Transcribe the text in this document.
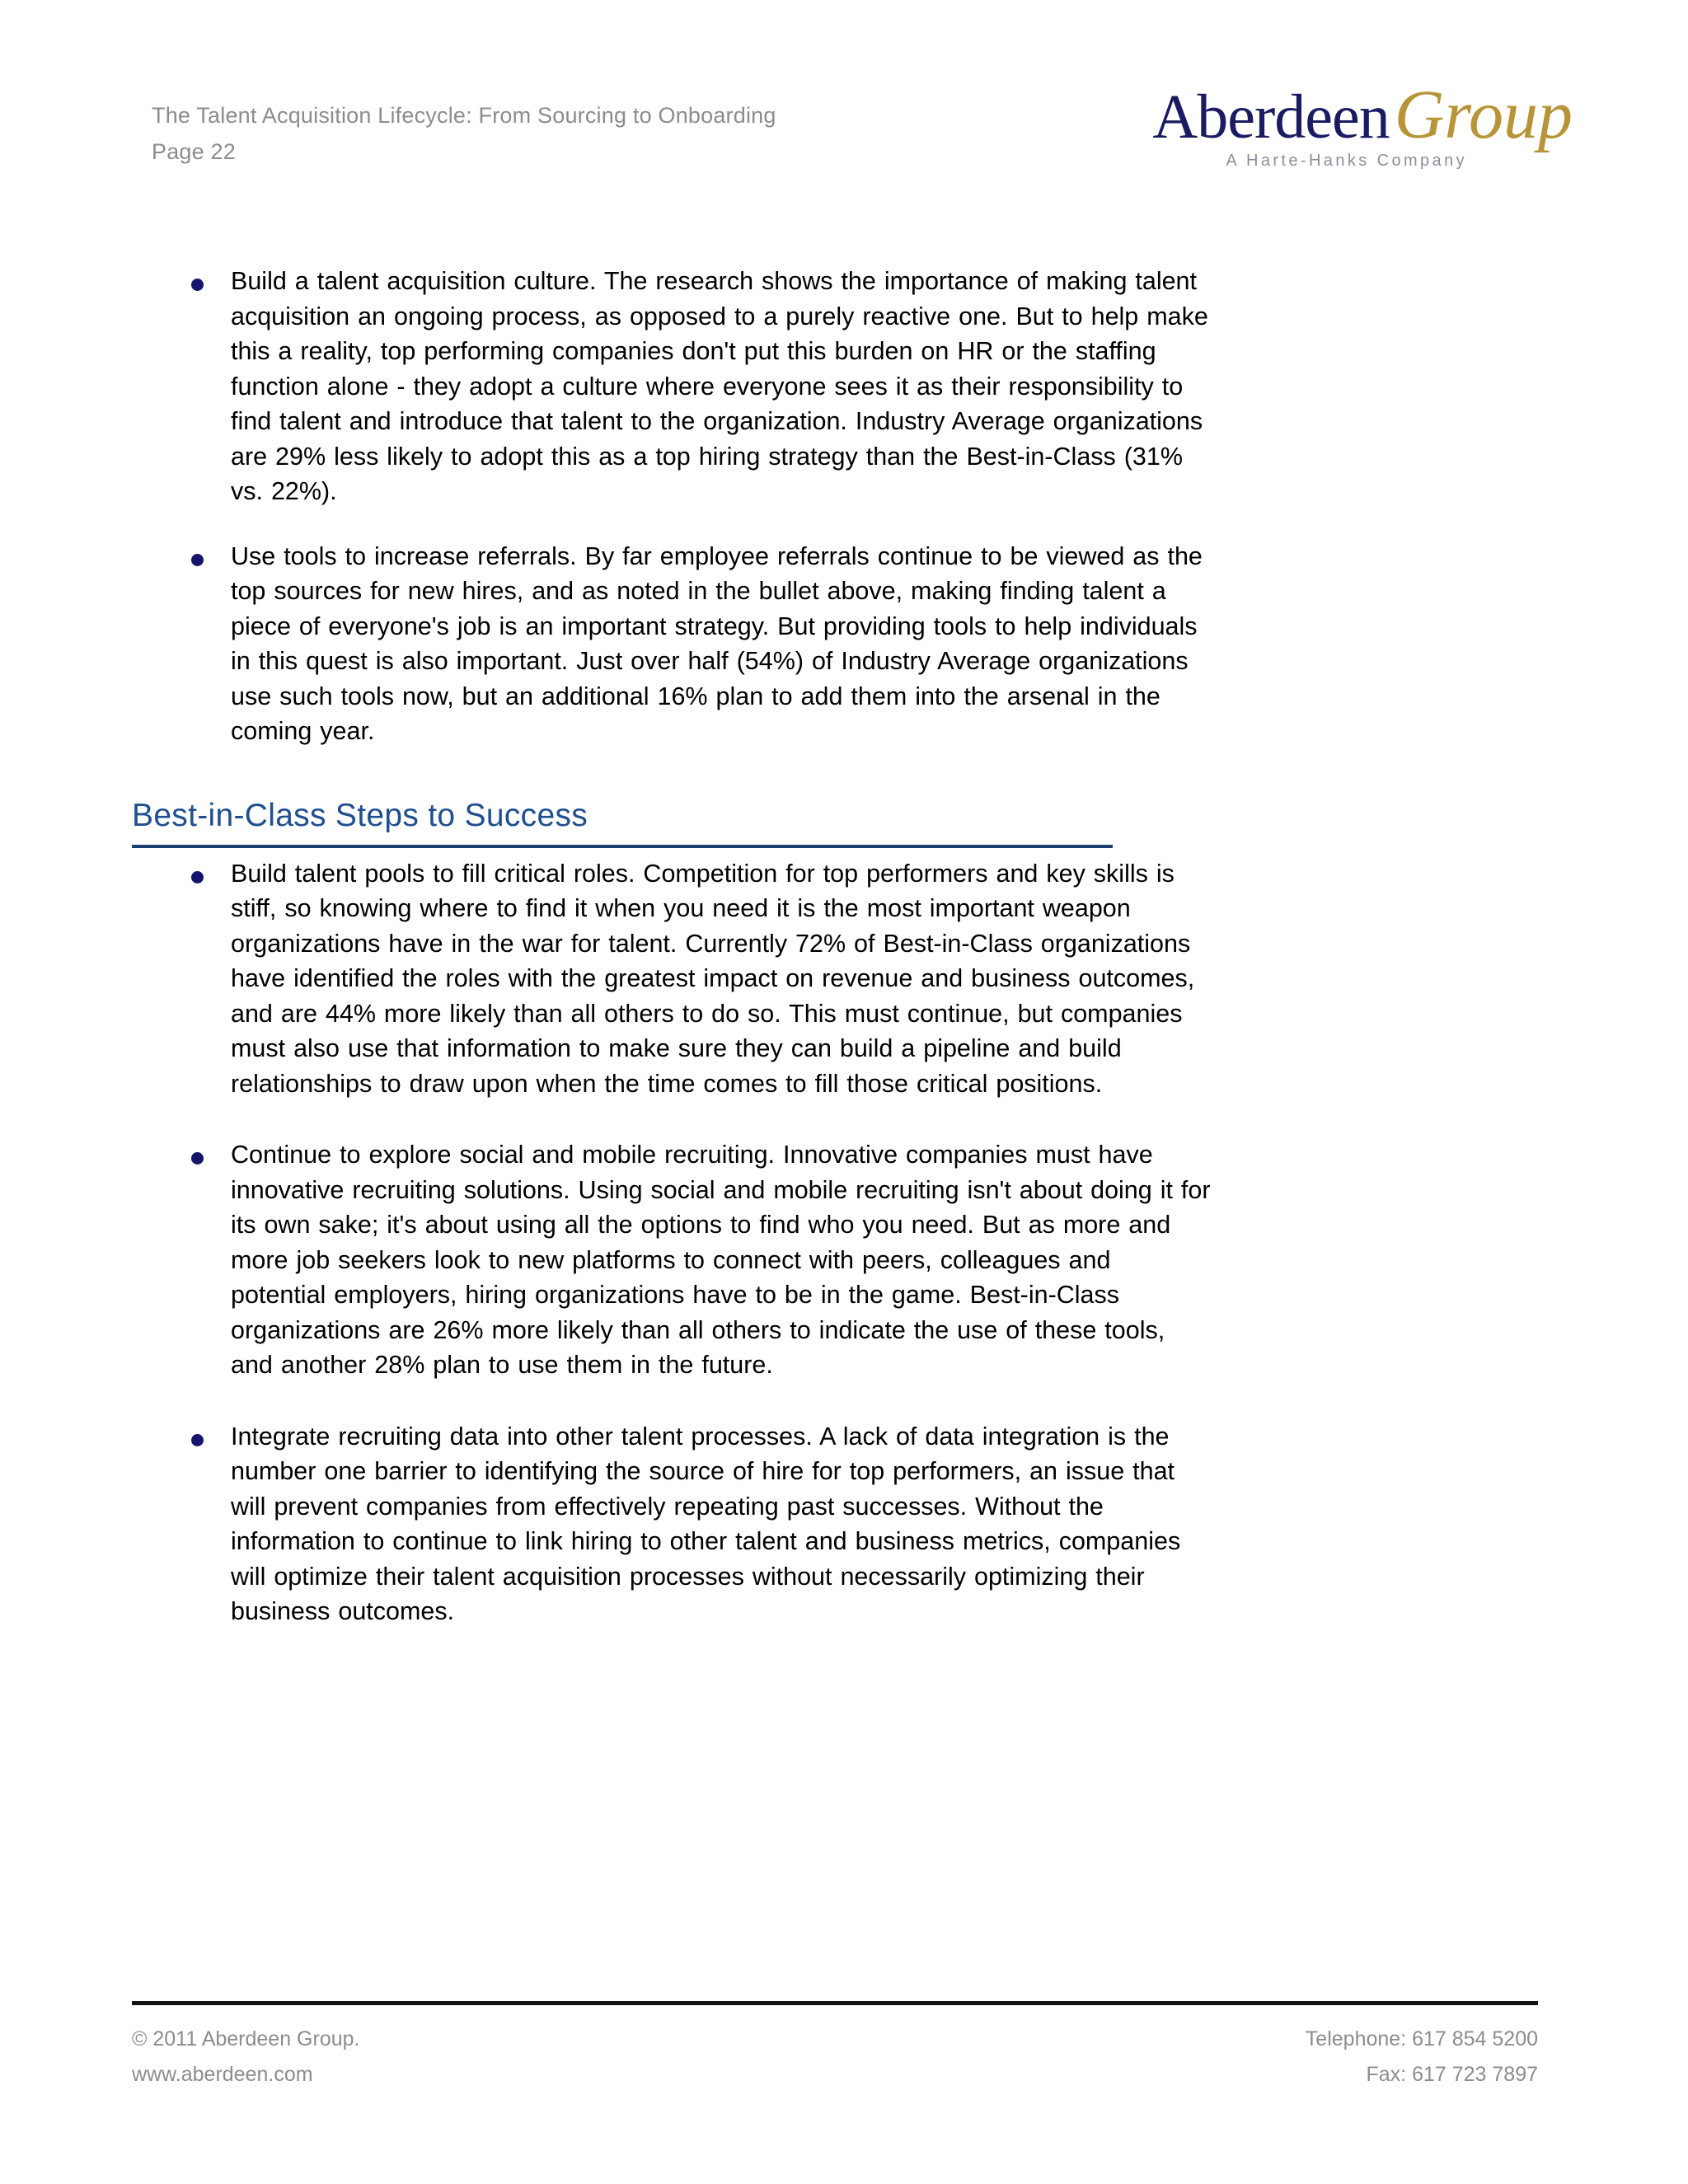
The Talent Acquisition Lifecycle: From Sourcing to Onboarding
Page 22	AberdeenGroup
A Harte-Hanks Company
Build a talent acquisition culture. The research shows the importance of making talent acquisition an ongoing process, as opposed to a purely reactive one. But to help make this a reality, top performing companies don't put this burden on HR or the staffing function alone - they adopt a culture where everyone sees it as their responsibility to find talent and introduce that talent to the organization. Industry Average organizations are 29% less likely to adopt this as a top hiring strategy than the Best-in-Class (31% vs. 22%).
Use tools to increase referrals. By far employee referrals continue to be viewed as the top sources for new hires, and as noted in the bullet above, making finding talent a piece of everyone's job is an important strategy. But providing tools to help individuals in this quest is also important. Just over half (54%) of Industry Average organizations use such tools now, but an additional 16% plan to add them into the arsenal in the coming year.
Best-in-Class Steps to Success
Build talent pools to fill critical roles. Competition for top performers and key skills is stiff, so knowing where to find it when you need it is the most important weapon organizations have in the war for talent. Currently 72% of Best-in-Class organizations have identified the roles with the greatest impact on revenue and business outcomes, and are 44% more likely than all others to do so. This must continue, but companies must also use that information to make sure they can build a pipeline and build relationships to draw upon when the time comes to fill those critical positions.
Continue to explore social and mobile recruiting. Innovative companies must have innovative recruiting solutions. Using social and mobile recruiting isn't about doing it for its own sake; it's about using all the options to find who you need. But as more and more job seekers look to new platforms to connect with peers, colleagues and potential employers, hiring organizations have to be in the game. Best-in-Class organizations are 26% more likely than all others to indicate the use of these tools, and another 28% plan to use them in the future.
Integrate recruiting data into other talent processes. A lack of data integration is the number one barrier to identifying the source of hire for top performers, an issue that will prevent companies from effectively repeating past successes. Without the information to continue to link hiring to other talent and business metrics, companies will optimize their talent acquisition processes without necessarily optimizing their business outcomes.
© 2011 Aberdeen Group.
www.aberdeen.com
Telephone: 617 854 5200
Fax: 617 723 7897
